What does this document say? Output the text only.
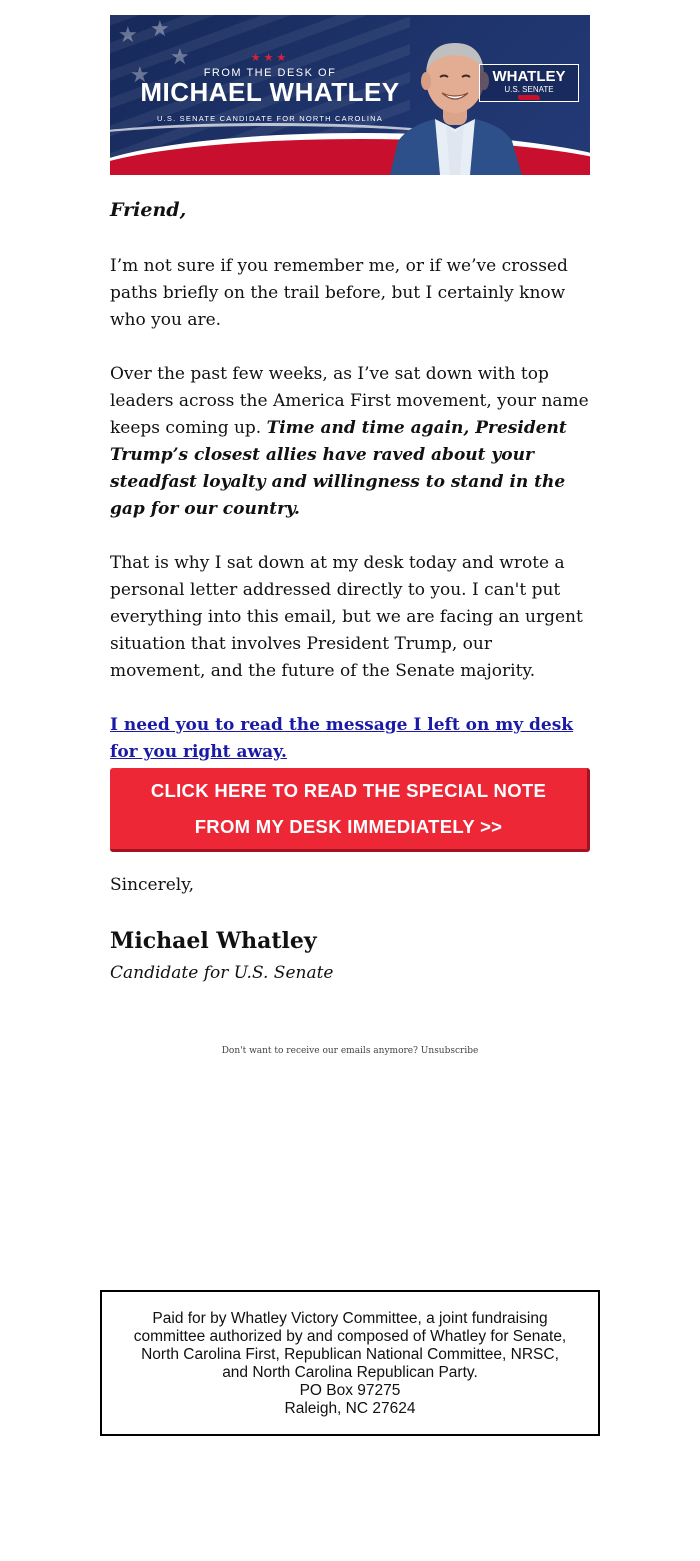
★ ★
★
★
★★★
FROM THE DESK OF
MICHAEL WHATLEY
U.S. SENATE CANDIDATE FOR NORTH CAROLINA
WHATLEY
U.S. SENATE

Friend,

I’m not sure if you remember me, or if we’ve crossed paths briefly on the trail before, but I certainly know who you are.

Over the past few weeks, as I’ve sat down with top leaders across the America First movement, your name keeps coming up. Time and time again, President Trump’s closest allies have raved about your steadfast loyalty and willingness to stand in the gap for our country.

That is why I sat down at my desk today and wrote a personal letter addressed directly to you. I can't put everything into this email, but we are facing an urgent situation that involves President Trump, our movement, and the future of the Senate majority.

I need you to read the message I left on my desk for you right away.

CLICK HERE TO READ THE SPECIAL NOTE
FROM MY DESK IMMEDIATELY >>
Sincerely,
Michael Whatley
Candidate for U.S. Senate
Don't want to receive our emails anymore? Unsubscribe
Paid for by Whatley Victory Committee, a joint fundraising
committee authorized by and composed of Whatley for Senate,
North Carolina First, Republican National Committee, NRSC,
and North Carolina Republican Party.
PO Box 97275
Raleigh, NC 27624
